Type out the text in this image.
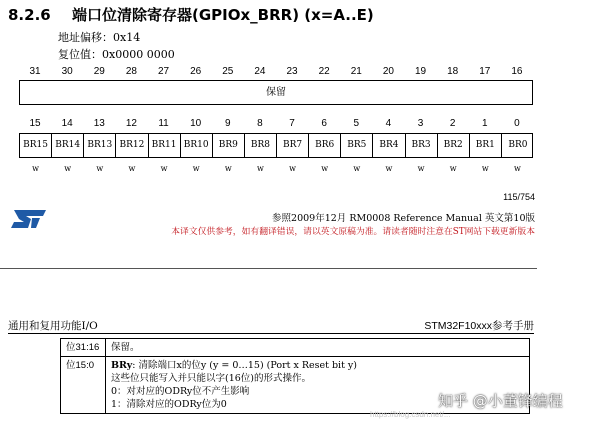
8.2.6 端口位清除寄存器(GPIOx_BRR) (x=A..E)
地址偏移：0x14
复位值：0x0000 0000
31	30	29	28	27	26	25	24	23	22	21	20	19	18	17	16
保留
15	14	13	12	11	10	9	8	7	6	5	4	3	2	1	0
BR15 BR14 BR13 BR12 BR11 BR10	BR9	BR8	BR7	BR6	BR5	BR4	BR3	BR2	BR1	BR0
w	w	w	w	w	w	w	w	w	w	w	w	w	w	w	w
115/754
参照2009年12月 RM0008 Reference Manual 英文第10版
本译文仅供参考，如有翻译错误，请以英文原稿为准。请读者随时注意在ST网站下载更新版本
通用和复用功能I/O	STM32F10xxx参考手册
位31:16	保留。

位15:0	BRy: 清除端口x的位y (y = 0…15) (Port x Reset bit y)
这些位只能写入并只能以字(16位)的形式操作。
0：对对应的ODRy位不产生影响
1：清除对应的ODRy位为0	知乎 @小董锋编程
https://blog.csdn.net/...
